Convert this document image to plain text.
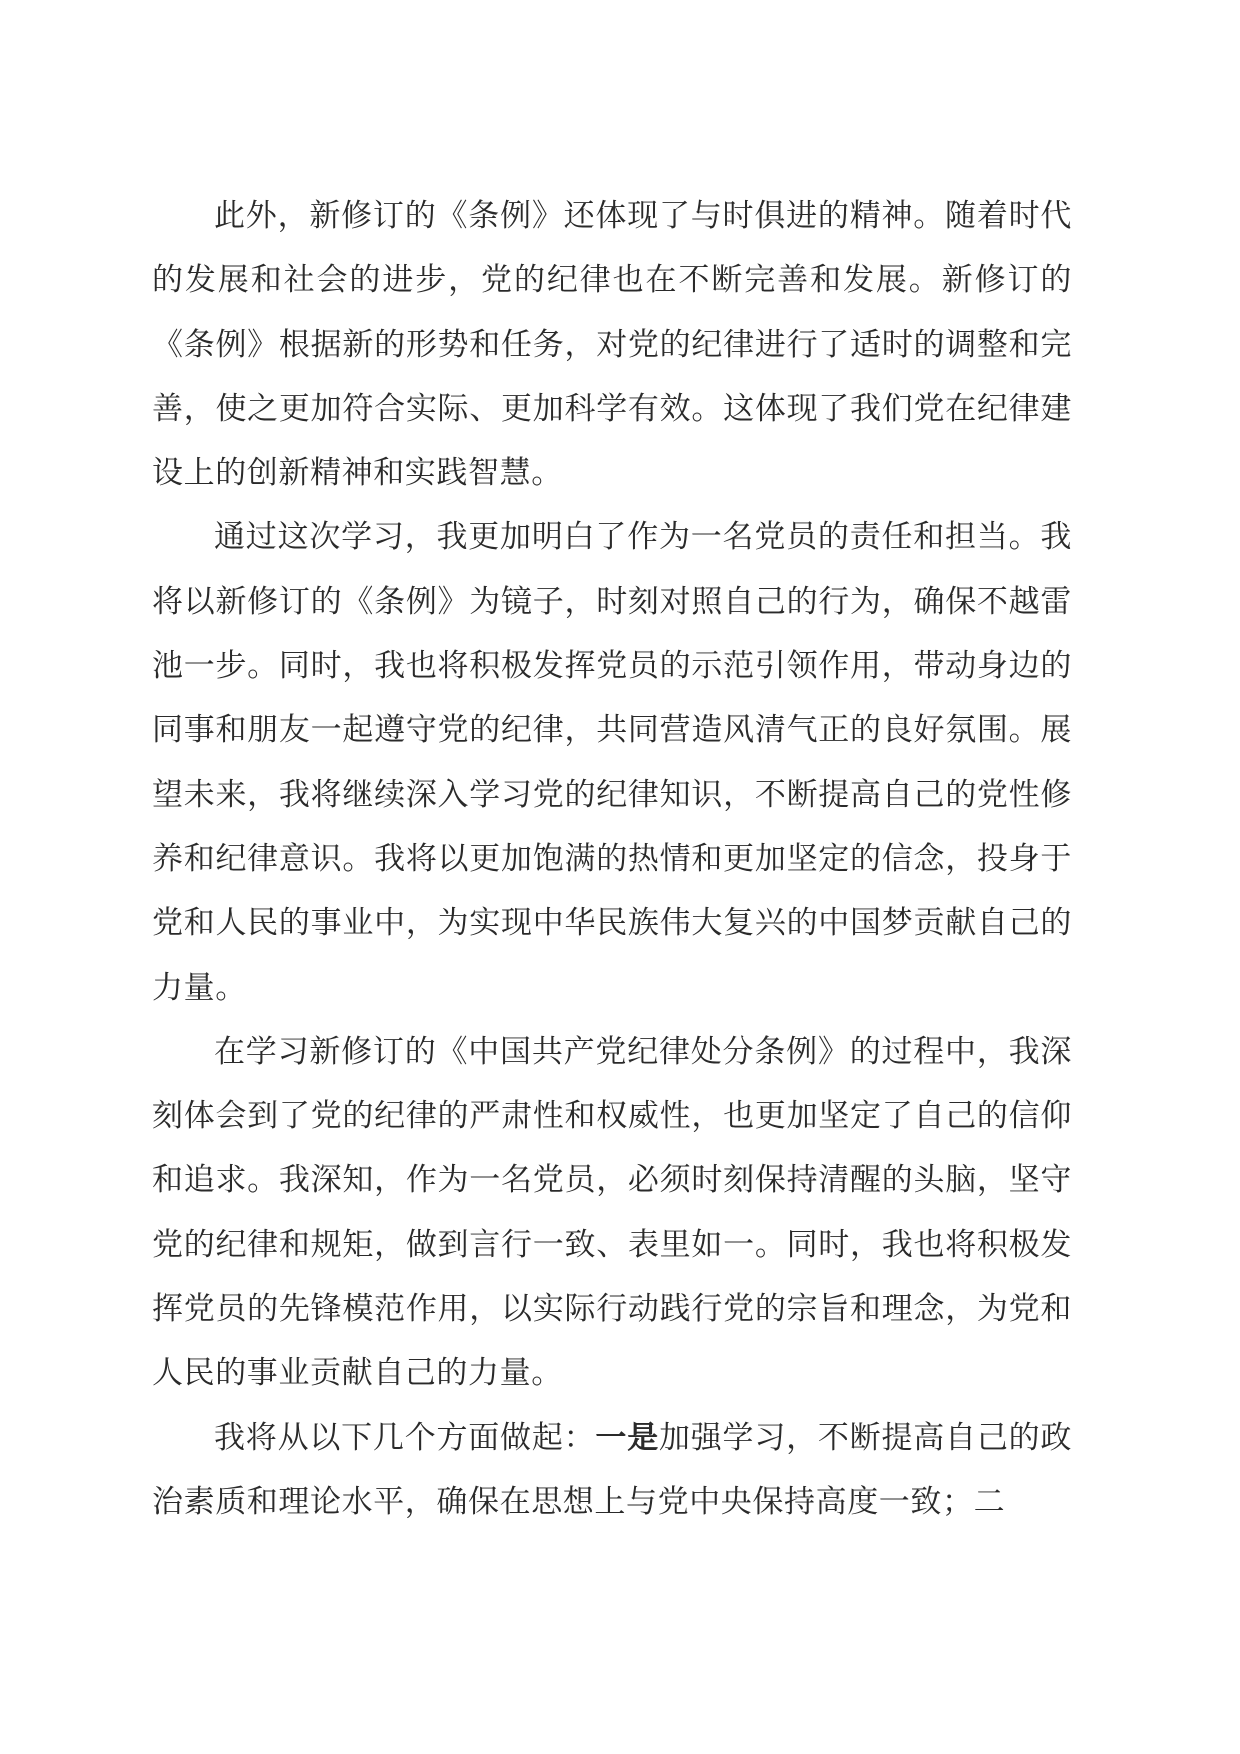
此外，新修订的《条例》还体现了与时俱进的精神。随着时代的发展和社会的进步，党的纪律也在不断完善和发展。新修订的《条例》根据新的形势和任务，对党的纪律进行了适时的调整和完善，使之更加符合实际、更加科学有效。这体现了我们党在纪律建设上的创新精神和实践智慧。

通过这次学习，我更加明白了作为一名党员的责任和担当。我将以新修订的《条例》为镜子，时刻对照自己的行为，确保不越雷池一步。同时，我也将积极发挥党员的示范引领作用，带动身边的同事和朋友一起遵守党的纪律，共同营造风清气正的良好氛围。展望未来，我将继续深入学习党的纪律知识，不断提高自己的党性修养和纪律意识。我将以更加饱满的热情和更加坚定的信念，投身于党和人民的事业中，为实现中华民族伟大复兴的中国梦贡献自己的力量。

在学习新修订的《中国共产党纪律处分条例》的过程中，我深刻体会到了党的纪律的严肃性和权威性，也更加坚定了自己的信仰和追求。我深知，作为一名党员，必须时刻保持清醒的头脑，坚守党的纪律和规矩，做到言行一致、表里如一。同时，我也将积极发挥党员的先锋模范作用，以实际行动践行党的宗旨和理念，为党和人民的事业贡献自己的力量。

我将从以下几个方面做起：一是加强学习，不断提高自己的政治素质和理论水平，确保在思想上与党中央保持高度一致；二
